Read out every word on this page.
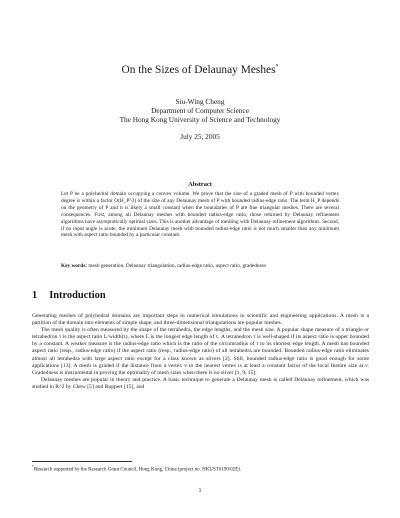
On the Sizes of Delaunay Meshes*
Siu-Wing Cheng
Department of Computer Science
The Hong Kong University of Science and Technology
July 25, 2005
Abstract
Let P be a polyhedral domain occupying a convex volume. We prove that the size of a graded mesh of P with bounded vertex degree is within a factor O(H_P^3) of the size of any Delaunay mesh of P with bounded radius-edge ratio. The term H_P depends on the geometry of P and it is likely a small constant when the boundaries of P are fine triangular meshes. There are several consequences. First, among all Delaunay meshes with bounded radius-edge ratio, those returned by Delaunay refinement algorithms have asymptotically optimal sizes. This is another advantage of meshing with Delaunay refinement algorithms. Second, if no input angle is acute, the minimum Delaunay mesh with bounded radius-edge ratio is not much smaller than any minimum mesh with aspect ratio bounded by a particular constant.
Key words: mesh generation, Delaunay triangulation, radius-edge ratio, aspect ratio, gradedness
1 Introduction

Generating meshes of polyhedral domains are important steps in numerical simulations in scientific and engineering applications. A mesh is a partition of the domain into elements of simple shape, and three-dimensional triangulations are popular meshes.

The mesh quality is often measured by the shape of the tetrahedra, the edge lengths, and the mesh size. A popular shape measure of a triangle or tetrahedron τ is the aspect ratio L/width(τ), where L is the longest edge length of τ. A tetrahedron τ is well-shaped if its aspect ratio is upper bounded by a constant. A weaker measure is the radius-edge ratio which is the ratio of the circumradius of τ to its shortest edge length. A mesh has bounded aspect ratio (resp., radius-edge ratio) if the aspect ratio (resp., radius-edge ratio) of all tetrahedra are bounded. Bounded radius-edge ratio eliminates almost all tetrahedra with large aspect ratio except for a class known as slivers [2]. Still, bounded radius-edge ratio is good enough for some applications [13]. A mesh is graded if the distance from a vertex v to the nearest vertex is at least a constant factor of the local feature size at v. Gradedness is instrumental in proving the optimality of mesh sizes when there is no sliver [1, 9, 15].

Delaunay meshes are popular in theory and practice. A basic technique to generate a Delaunay mesh is called Delaunay refinement, which was studied in R^2 by Chew [5] and Ruppert [15], and

*Research supported by the Research Grant Council, Hong Kong, China (project no. HKUST6190/02E).
1
